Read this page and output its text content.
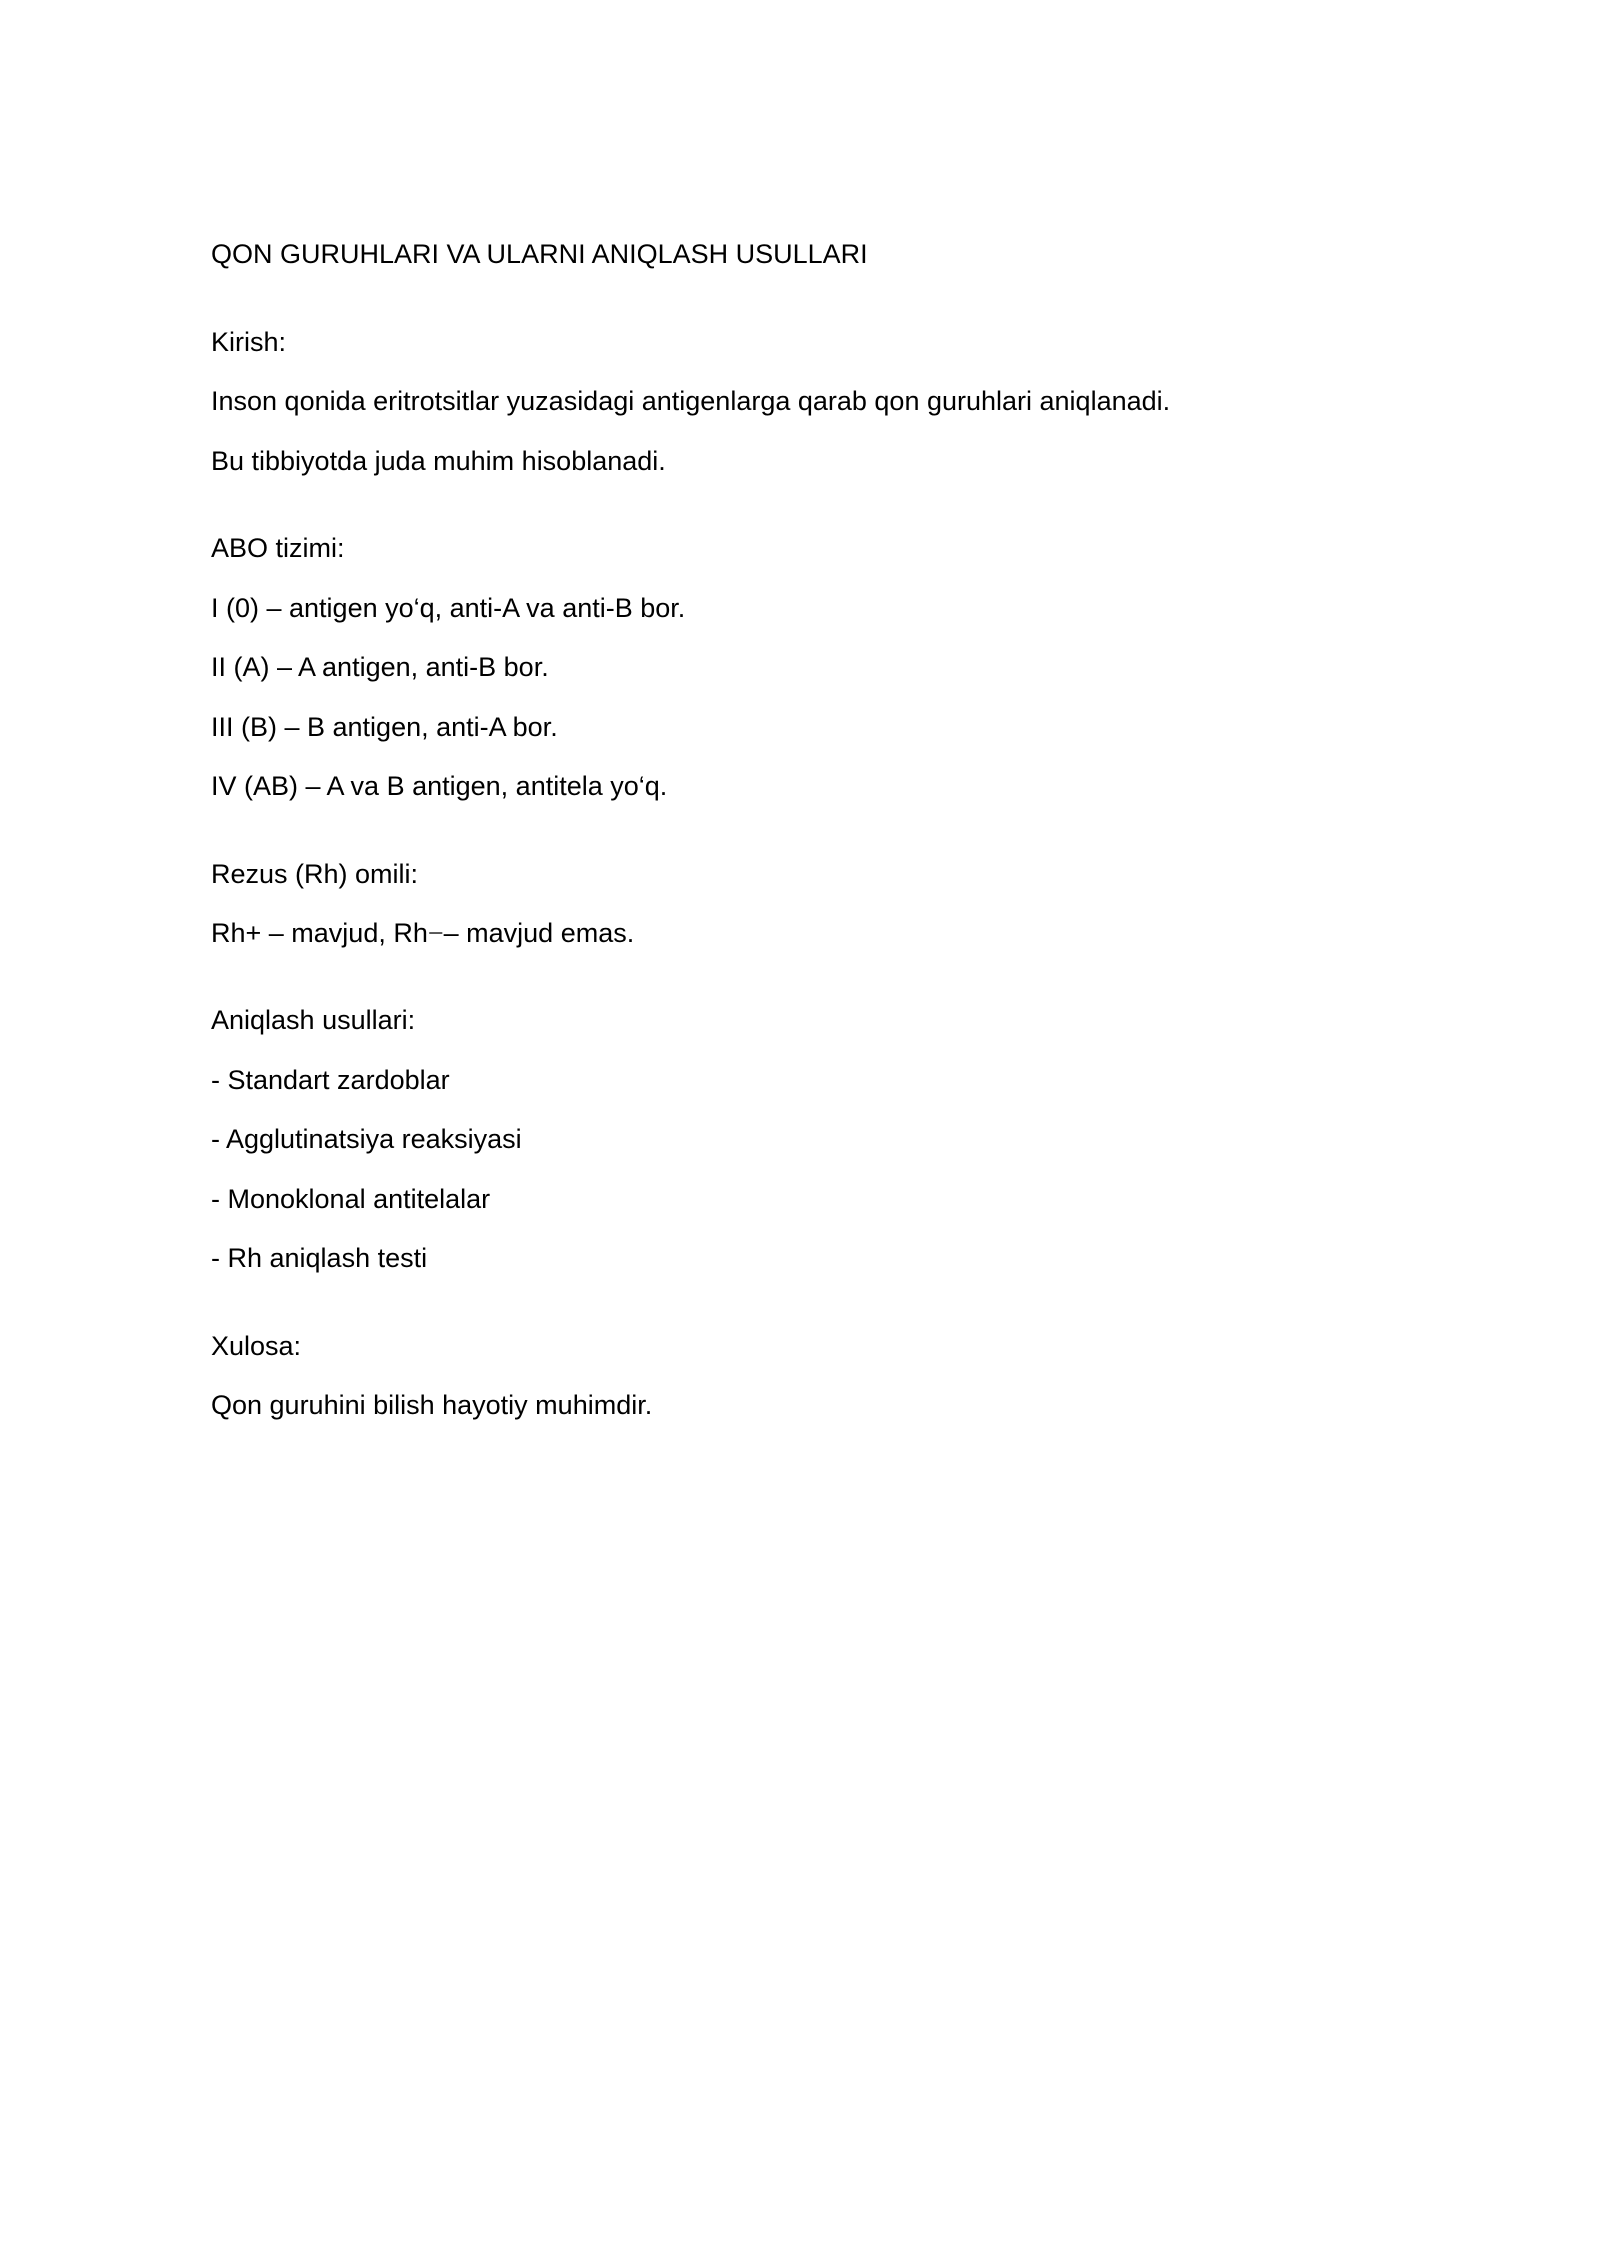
QON GURUHLARI VA ULARNI ANIQLASH USULLARI
Kirish:
Inson qonida eritrotsitlar yuzasidagi antigenlarga qarab qon guruhlari aniqlanadi.
Bu tibbiyotda juda muhim hisoblanadi.
ABO tizimi:
I (0) – antigen yo‘q, anti-A va anti-B bor.
II (A) – A antigen, anti-B bor.
III (B) – B antigen, anti-A bor.
IV (AB) – A va B antigen, antitela yo‘q.
Rezus (Rh) omili:
Rh+ – mavjud, Rh−– mavjud emas.
Aniqlash usullari:
- Standart zardoblar
- Agglutinatsiya reaksiyasi
- Monoklonal antitelalar
- Rh aniqlash testi
Xulosa:
Qon guruhini bilish hayotiy muhimdir.
